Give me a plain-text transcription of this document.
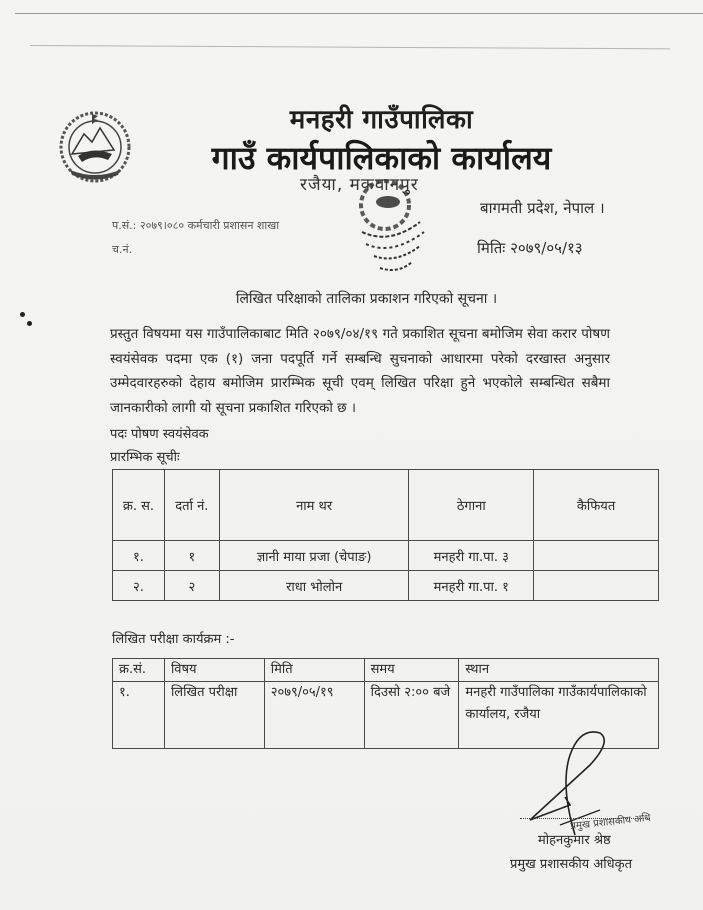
मनहरी गाउँपालिका
गाउँ कार्यपालिकाको कार्यालय
रजैया, मकवानपुर
बागमती प्रदेश, नेपाल ।
प.सं.: २०७९।०८० कर्मचारी प्रशासन शाखा
च.नं.	मितिः २०७९/०५/१३
लिखित परिक्षाको तालिका प्रकाशन गरिएको सूचना ।
प्रस्तुत विषयमा यस गाउँपालिकाबाट मिति २०७९/०४/१९ गते प्रकाशित सूचना बमोजिम सेवा करार पोषण स्वयंसेवक पदमा एक (१) जना पदपूर्ति गर्ने सम्बन्धि सुचनाको आधारमा परेको दरखास्त अनुसार उम्मेदवारहरुको देहाय बमोजिम प्रारम्भिक सूची एवम् लिखित परिक्षा हुने भएकोले सम्बन्धित सबैमा जानकारीको लागी यो सूचना प्रकाशित गरिएको छ ।
पदः पोषण स्वयंसेवक
प्रारम्भिक सूचीः
क्र. स.	दर्ता नं.	नाम थर	ठेगाना	कैफियत
१.	१	ज्ञानी माया प्रजा (चेपाङ)	मनहरी गा.पा. ३	
२.	२	राधा भोलोन	मनहरी गा.पा. १	
लिखित परीक्षा कार्यक्रम :-
क्र.सं.	विषय	मिति	समय	स्थान
१.	लिखित परीक्षा	२०७९/०५/१९	दिउसो २:०० बजे	मनहरी गाउँपालिका गाउँकार्यपालिकाको कार्यालय, रजैया
प्रमुख प्रशासकीय अधि
मोहनकुमार श्रेष्ठ
प्रमुख प्रशासकीय अधिकृत
